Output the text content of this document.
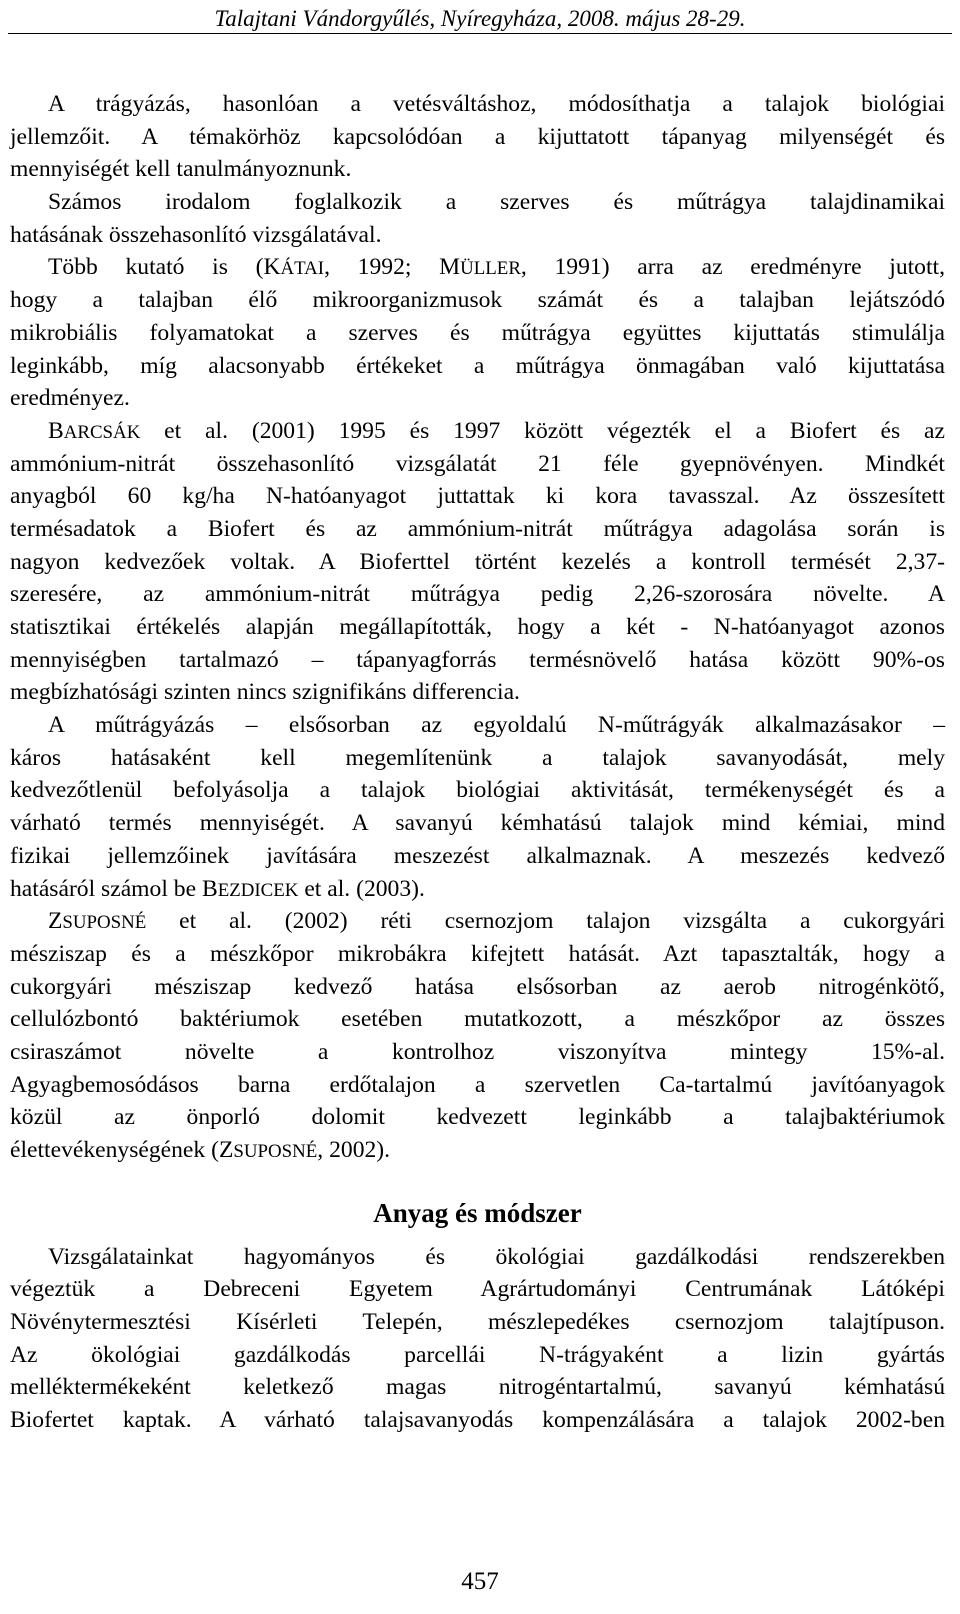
Talajtani Vándorgyűlés, Nyíregyháza, 2008. május 28-29.
A trágyázás, hasonlóan a vetésváltáshoz, módosíthatja a talajok biológiai
jellemzőit. A témakörhöz kapcsolódóan a kijuttatott tápanyag milyenségét és
mennyiségét kell tanulmányoznunk.
Számos irodalom foglalkozik a szerves és műtrágya talajdinamikai
hatásának összehasonlító vizsgálatával.
Több kutató is (KÁTAI, 1992; MÜLLER, 1991) arra az eredményre jutott,
hogy a talajban élő mikroorganizmusok számát és a talajban lejátszódó
mikrobiális folyamatokat a szerves és műtrágya együttes kijuttatás stimulálja
leginkább, míg alacsonyabb értékeket a műtrágya önmagában való kijuttatása
eredményez.
BARCSÁK et al. (2001) 1995 és 1997 között végezték el a Biofert és az
ammónium-nitrát összehasonlító vizsgálatát 21 féle gyepnövényen. Mindkét
anyagból 60 kg/ha N-hatóanyagot juttattak ki kora tavasszal. Az összesített
termésadatok a Biofert és az ammónium-nitrát műtrágya adagolása során is
nagyon kedvezőek voltak. A Bioferttel történt kezelés a kontroll termését 2,37-
szeresére, az ammónium-nitrát műtrágya pedig 2,26-szorosára növelte. A
statisztikai értékelés alapján megállapították, hogy a két - N-hatóanyagot azonos
mennyiségben tartalmazó – tápanyagforrás termésnövelő hatása között 90%-os
megbízhatósági szinten nincs szignifikáns differencia.
A műtrágyázás – elsősorban az egyoldalú N-műtrágyák alkalmazásakor –
káros hatásaként kell megemlítenünk a talajok savanyodását, mely
kedvezőtlenül befolyásolja a talajok biológiai aktivitását, termékenységét és a
várható termés mennyiségét. A savanyú kémhatású talajok mind kémiai, mind
fizikai jellemzőinek javítására meszezést alkalmaznak. A meszezés kedvező
hatásáról számol be BEZDICEK et al. (2003).
ZSUPOSNÉ et al. (2002) réti csernozjom talajon vizsgálta a cukorgyári
mésziszap és a mészkőpor mikrobákra kifejtett hatását. Azt tapasztalták, hogy a
cukorgyári mésziszap kedvező hatása elsősorban az aerob nitrogénkötő,
cellulózbontó baktériumok esetében mutatkozott, a mészkőpor az összes
csiraszámot növelte a kontrolhoz viszonyítva mintegy 15%-al.
Agyagbemosódásos barna erdőtalajon a szervetlen Ca-tartalmú javítóanyagok
közül az önporló dolomit kedvezett leginkább a talajbaktériumok
élettevékenységének (ZSUPOSNÉ, 2002).
Anyag és módszer
Vizsgálatainkat hagyományos és ökológiai gazdálkodási rendszerekben
végeztük a Debreceni Egyetem Agrártudományi Centrumának Látóképi
Növénytermesztési Kísérleti Telepén, mészlepedékes csernozjom talajtípuson.
Az ökológiai gazdálkodás parcellái N-trágyaként a lizin gyártás
melléktermékeként keletkező magas nitrogéntartalmú, savanyú kémhatású
Biofertet kaptak. A várható talajsavanyodás kompenzálására a talajok 2002-ben
457
